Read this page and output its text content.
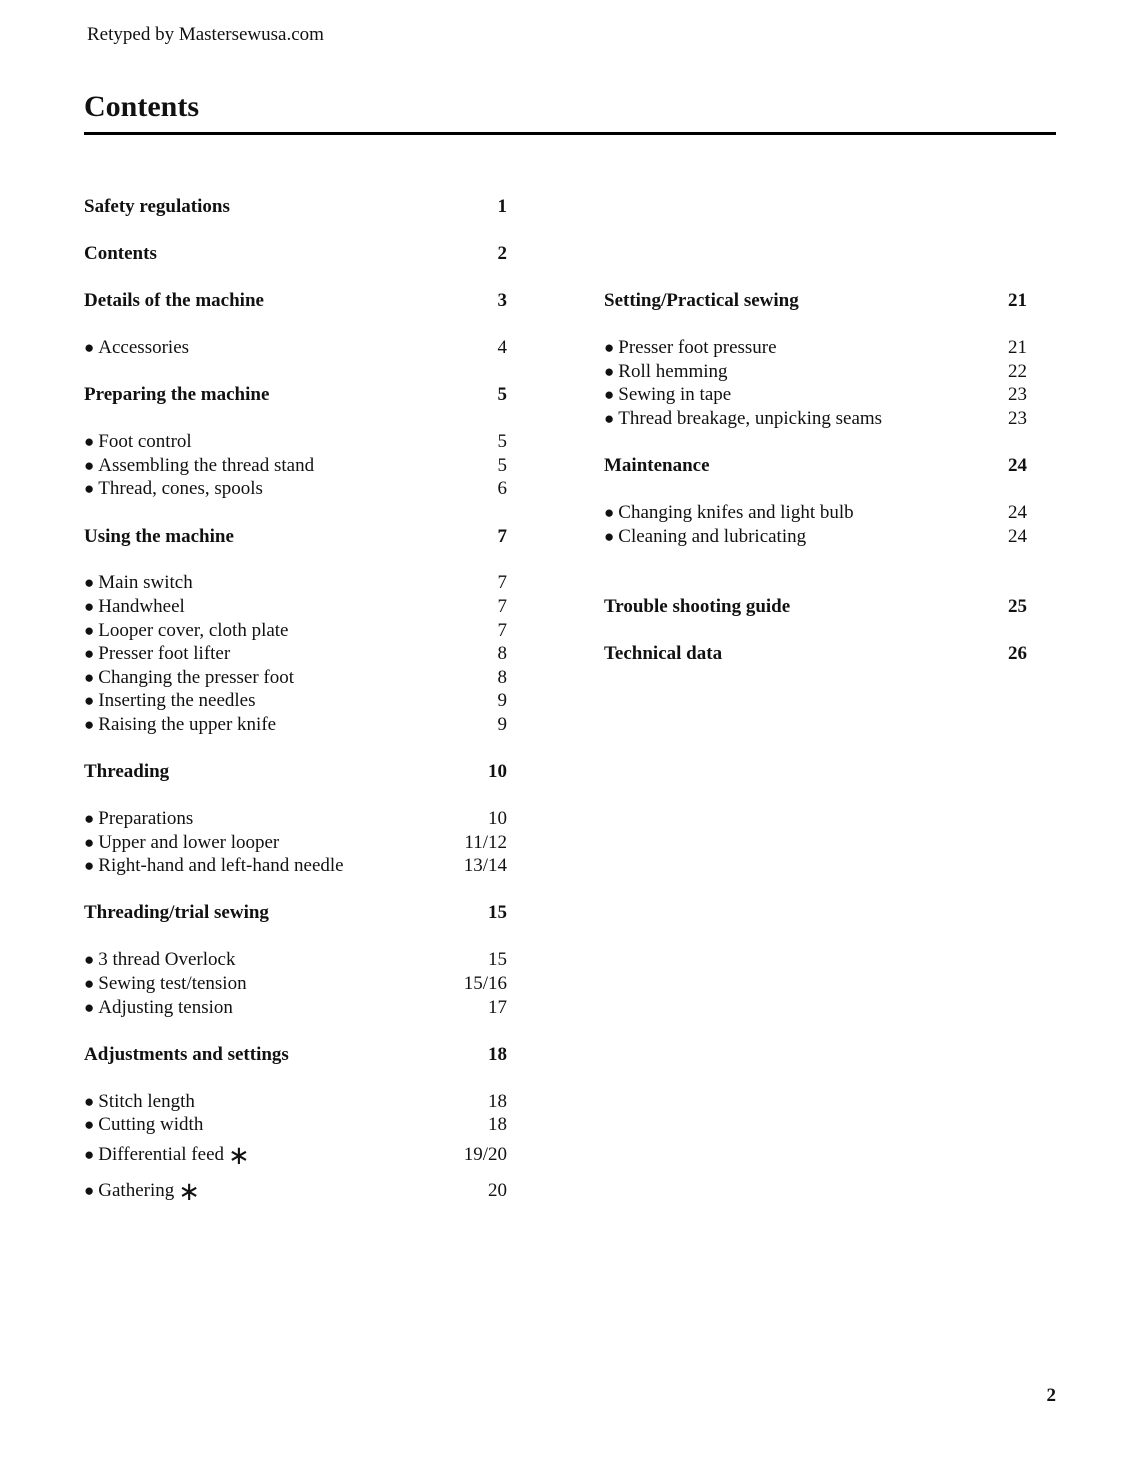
Retyped by Mastersewusa.com
Contents
Safety regulations	1
Contents	2
Details of the machine	3
● Accessories	4
Preparing the machine	5
● Foot control	5
● Assembling the thread stand	5
● Thread, cones, spools	6
Using the machine	7
● Main switch	7
● Handwheel	7
● Looper cover, cloth plate	7
● Presser foot lifter	8
● Changing the presser foot	8
● Inserting the needles	9
● Raising the upper knife	9
Threading	10
● Preparations	10
● Upper and lower looper	11/12
● Right-hand and left-hand needle	13/14
Threading/trial sewing	15
● 3 thread Overlock	15
● Sewing test/tension	15/16
● Adjusting tension	17
Adjustments and settings	18
● Stitch length	18
● Cutting width	18
● Differential feed ∗	19/20
● Gathering ∗	20
Setting/Practical sewing	21
● Presser foot pressure	21
● Roll hemming	22
● Sewing in tape	23
● Thread breakage, unpicking seams	23
Maintenance	24
● Changing knifes and light bulb	24
● Cleaning and lubricating	24
Trouble shooting guide	25
Technical data	26
2
